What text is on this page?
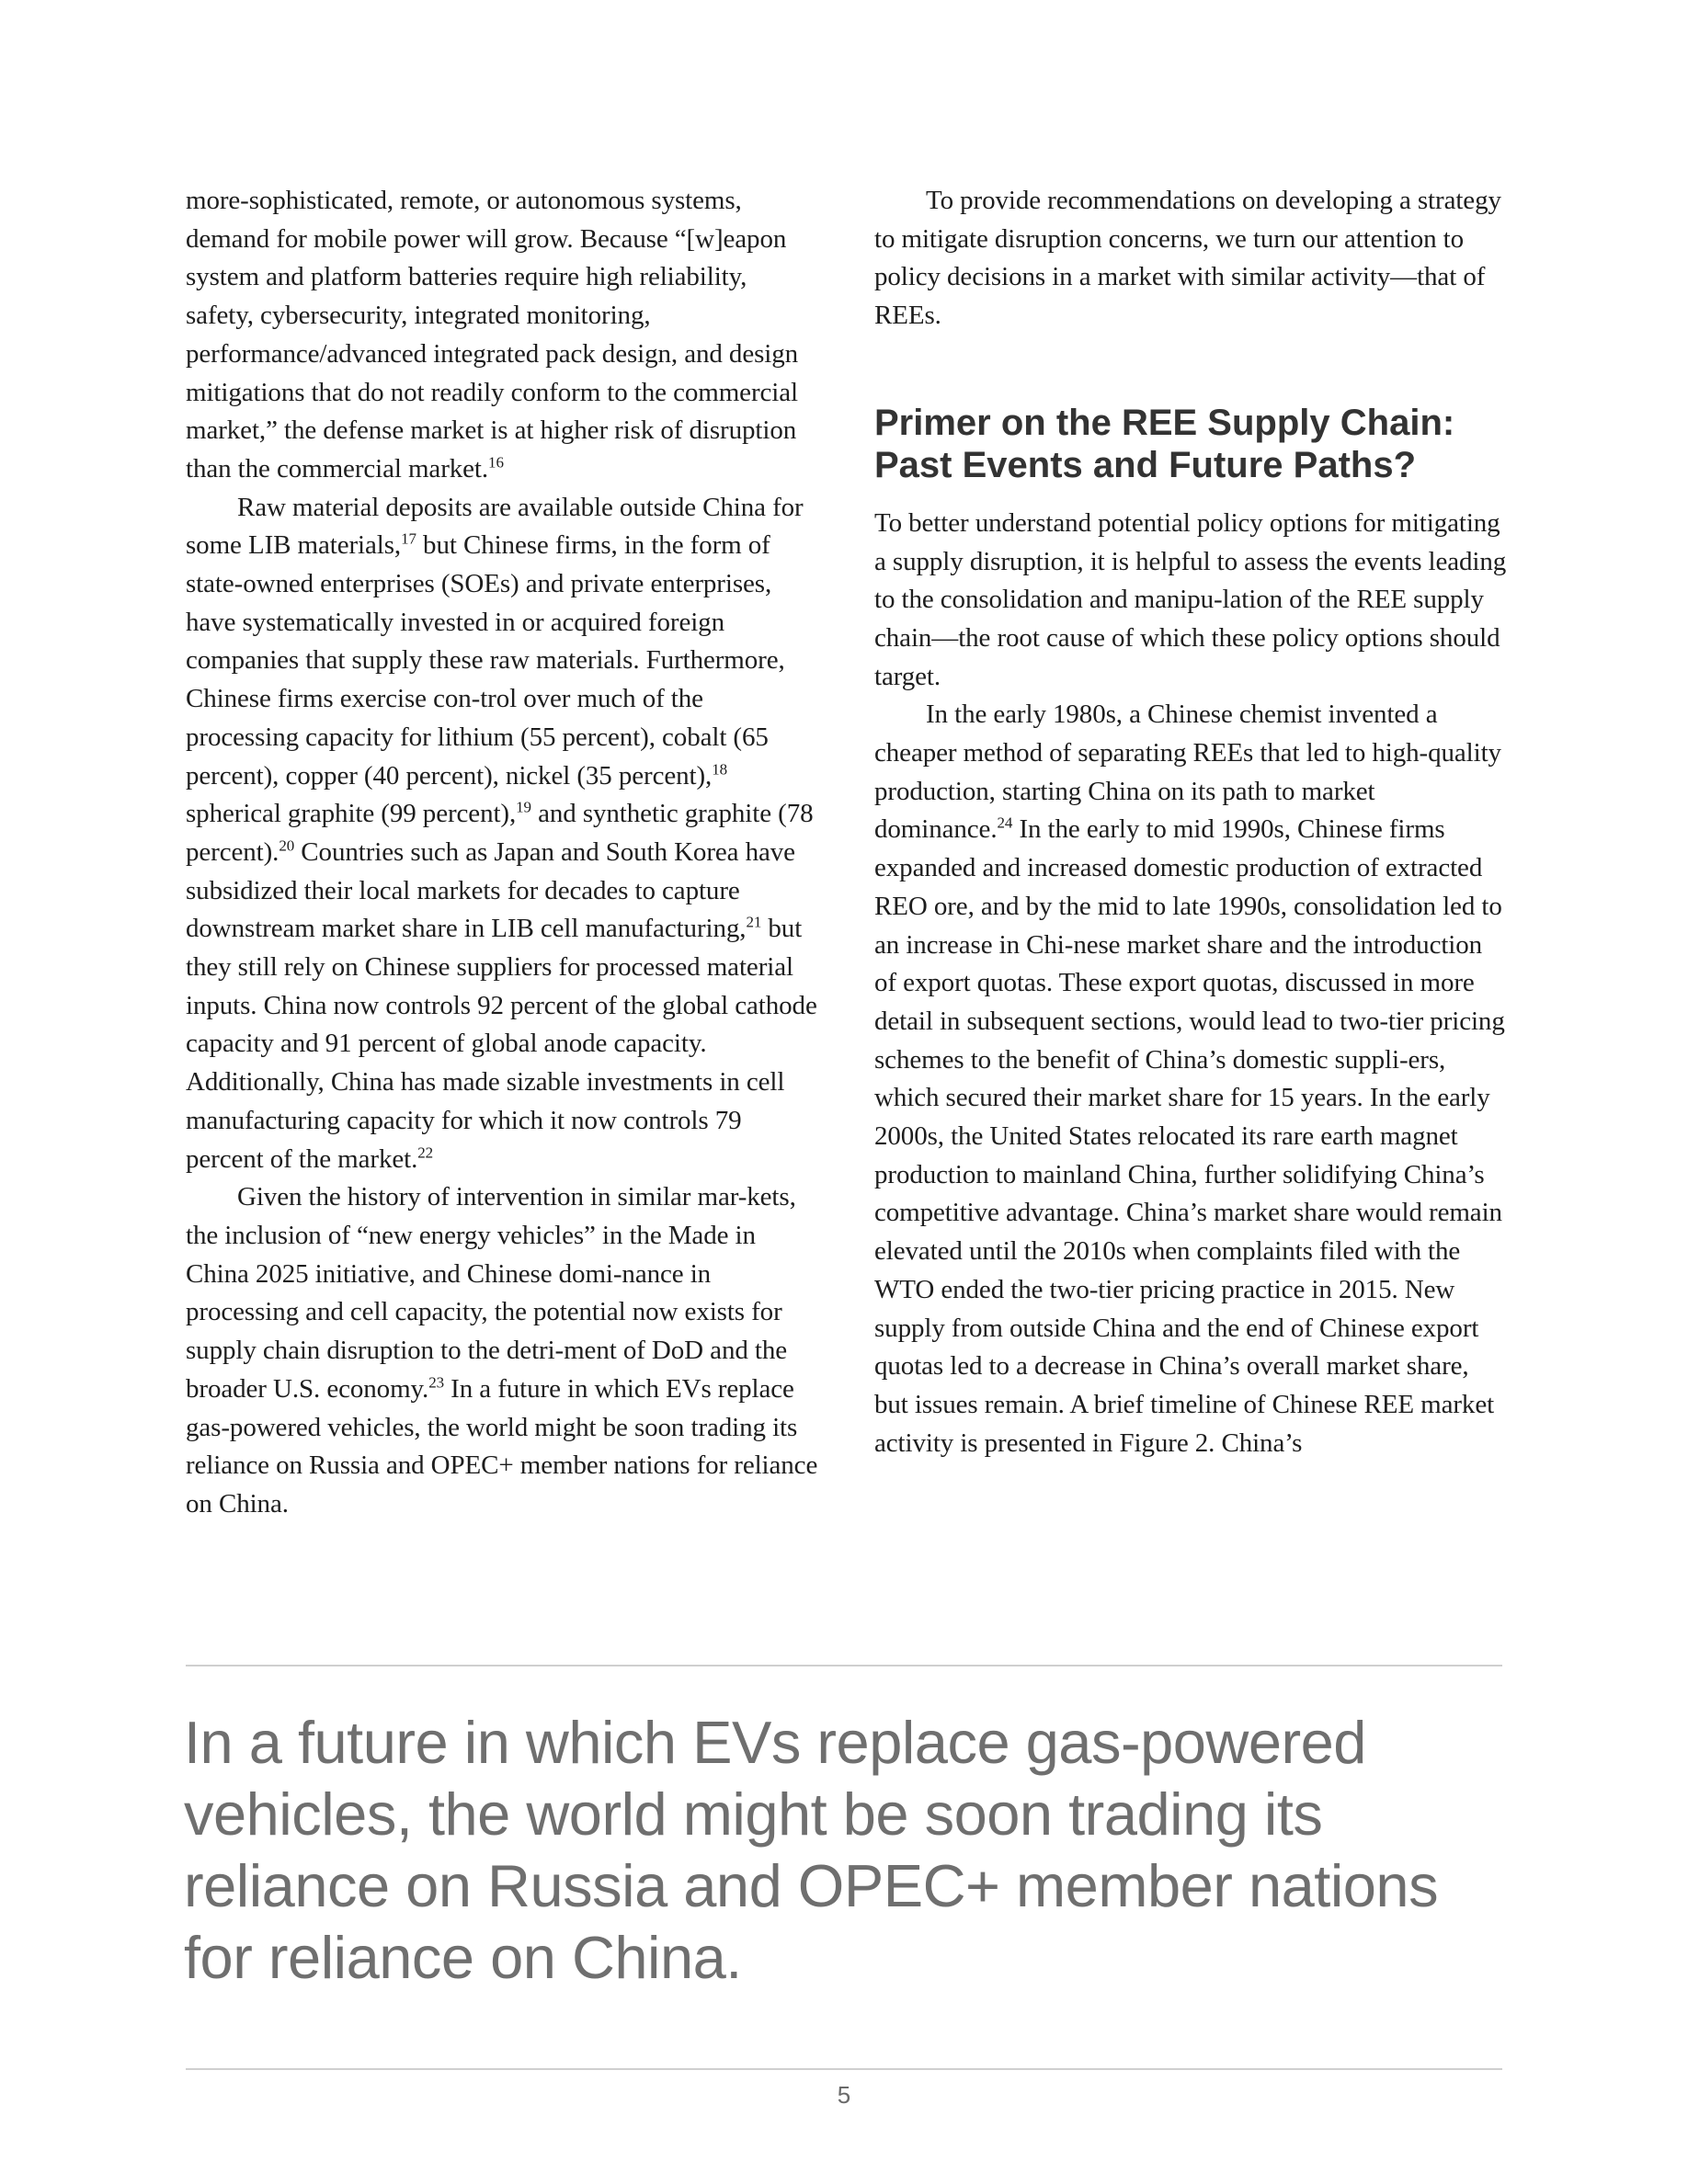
more-sophisticated, remote, or autonomous systems, demand for mobile power will grow. Because “[w]eapon system and platform batteries require high reliability, safety, cybersecurity, integrated monitoring, performance/advanced integrated pack design, and design mitigations that do not readily conform to the commercial market,” the defense market is at higher risk of disruption than the commercial market.$^{16}$

Raw material deposits are available outside China for some LIB materials,$^{17}$ but Chinese firms, in the form of state-owned enterprises (SOEs) and private enterprises, have systematically invested in or acquired foreign companies that supply these raw materials. Furthermore, Chinese firms exercise con-trol over much of the processing capacity for lithium (55 percent), cobalt (65 percent), copper (40 percent), nickel (35 percent),$^{18}$ spherical graphite (99 percent),$^{19}$ and synthetic graphite (78 percent).$^{20}$ Countries such as Japan and South Korea have subsidized their local markets for decades to capture downstream market share in LIB cell manufacturing,$^{21}$ but they still rely on Chinese suppliers for processed material inputs. China now controls 92 percent of the global cathode capacity and 91 percent of global anode capacity. Additionally, China has made sizable investments in cell manufacturing capacity for which it now controls 79 percent of the market.$^{22}$

Given the history of intervention in similar mar-kets, the inclusion of “new energy vehicles” in the Made in China 2025 initiative, and Chinese domi-nance in processing and cell capacity, the potential now exists for supply chain disruption to the detri-ment of DoD and the broader U.S. economy.$^{23}$ In a future in which EVs replace gas-powered vehicles, the world might be soon trading its reliance on Russia and OPEC+ member nations for reliance on China.

To provide recommendations on developing a strategy to mitigate disruption concerns, we turn our attention to policy decisions in a market with similar activity—that of REEs.

Primer on the REE Supply Chain: Past Events and Future Paths?

To better understand potential policy options for mitigating a supply disruption, it is helpful to assess the events leading to the consolidation and manipu-lation of the REE supply chain—the root cause of which these policy options should target.

In the early 1980s, a Chinese chemist invented a cheaper method of separating REEs that led to high-quality production, starting China on its path to market dominance.$^{24}$ In the early to mid 1990s, Chinese firms expanded and increased domestic production of extracted REO ore, and by the mid to late 1990s, consolidation led to an increase in Chi-nese market share and the introduction of export quotas. These export quotas, discussed in more detail in subsequent sections, would lead to two-tier pricing schemes to the benefit of China’s domestic suppli-ers, which secured their market share for 15 years. In the early 2000s, the United States relocated its rare earth magnet production to mainland China, further solidifying China’s competitive advantage. China’s market share would remain elevated until the 2010s when complaints filed with the WTO ended the two-tier pricing practice in 2015. New supply from outside China and the end of Chinese export quotas led to a decrease in China’s overall market share, but issues remain. A brief timeline of Chinese REE market activity is presented in Figure 2. China’s

In a future in which EVs replace gas-powered vehicles, the world might be soon trading its reliance on Russia and OPEC+ member nations for reliance on China.

5
